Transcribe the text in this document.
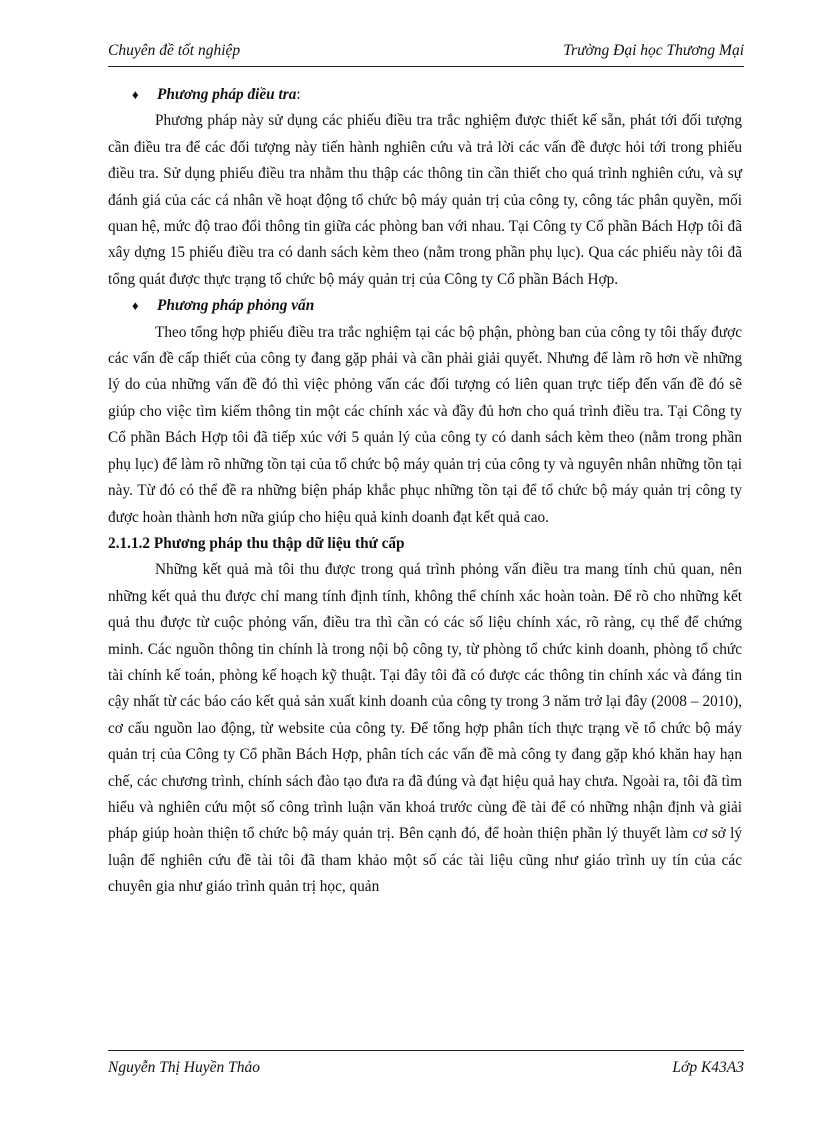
Chuyên đề tốt nghiệp	Trường Đại học Thương Mại
♦	Phương pháp điều tra:

Phương pháp này sử dụng các phiếu điều tra trắc nghiệm được thiết kế sẵn, phát tới đối tượng cần điều tra để các đối tượng này tiến hành nghiên cứu và trả lời các vấn đề được hỏi tới trong phiếu điều tra. Sử dụng phiếu điều tra nhằm thu thập các thông tin cần thiết cho quá trình nghiên cứu, và sự đánh giá của các cá nhân về hoạt động tổ chức bộ máy quản trị của công ty, công tác phân quyền, mối quan hệ, mức độ trao đổi thông tin giữa các phòng ban với nhau. Tại Công ty Cổ phần Bách Hợp tôi đã xây dựng 15 phiếu điều tra có danh sách kèm theo (nằm trong phần phụ lục). Qua các phiếu này tôi đã tổng quát được thực trạng tổ chức bộ máy quản trị của Công ty Cổ phần Bách Hợp.

♦	Phương pháp phỏng vấn

Theo tổng hợp phiếu điều tra trắc nghiệm tại các bộ phận, phòng ban của công ty tôi thấy được các vấn đề cấp thiết của công ty đang gặp phải và cần phải giải quyết. Nhưng để làm rõ hơn về những lý do của những vấn đề đó thì việc phỏng vấn các đối tượng có liên quan trực tiếp đến vấn đề đó sẽ giúp cho việc tìm kiếm thông tin một các chính xác và đầy đủ hơn cho quá trình điều tra. Tại Công ty Cổ phần Bách Hợp tôi đã tiếp xúc với 5 quản lý của công ty có danh sách kèm theo (nằm trong phần phụ lục) để làm rõ những tồn tại của tổ chức bộ máy quản trị của công ty và nguyên nhân những tồn tại này. Từ đó có thể đề ra những biện pháp khắc phục những tồn tại để tổ chức bộ máy quản trị công ty được hoàn thành hơn nữa giúp cho hiệu quả kinh doanh đạt kết quả cao.

2.1.1.2 Phương pháp thu thập dữ liệu thứ cấp

Những kết quả mà tôi thu được trong quá trình phỏng vấn điều tra mang tính chủ quan, nên những kết quả thu được chỉ mang tính định tính, không thể chính xác hoàn toàn. Để rõ cho những kết quả thu được từ cuộc phỏng vấn, điều tra thì cần có các số liệu chính xác, rõ ràng, cụ thể để chứng minh. Các nguồn thông tin chính là trong nội bộ công ty, từ phòng tổ chức kinh doanh, phòng tổ chức tài chính kế toán, phòng kế hoạch kỹ thuật. Tại đây tôi đã có được các thông tin chính xác và đáng tin cậy nhất từ các báo cáo kết quả sản xuất kinh doanh của công ty trong 3 năm trở lại đây (2008 – 2010), cơ cấu nguồn lao động, từ website của công ty. Để tổng hợp phân tích thực trạng về tổ chức bộ máy quản trị của Công ty Cổ phần Bách Hợp, phân tích các vấn đề mà công ty đang gặp khó khăn hay hạn chế, các chương trình, chính sách đào tạo đưa ra đã đúng và đạt hiệu quả hay chưa. Ngoài ra, tôi đã tìm hiểu và nghiên cứu một số công trình luận văn khoá trước cùng đề tài để có những nhận định và giải pháp giúp hoàn thiện tổ chức bộ máy quản trị. Bên cạnh đó, để hoàn thiện phần lý thuyết làm cơ sở lý luận để nghiên cứu đề tài tôi đã tham khảo một số các tài liệu cũng như giáo trình uy tín của các chuyên gia như giáo trình quản trị học, quản

Nguyễn Thị Huyền Thảo	Lớp K43A3
